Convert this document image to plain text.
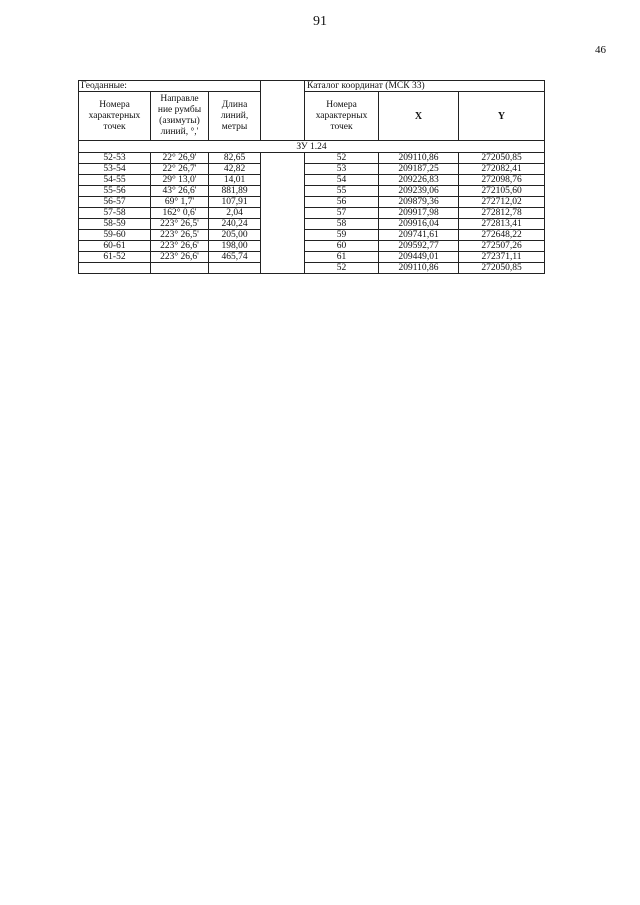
91
46
Геоданные:				Каталог координат (МСК 33)		
Номера характерных точек	Направле ние румбы (азимуты) линий, °,'	Длина линий, метры		Номера характерных точек	X	Y
ЗУ 1.24						
52-53	22° 26,9'	82,65		52	209110,86	272050,85
53-54	22° 26,7'	42,82		53	209187,25	272082,41
54-55	29° 13,0'	14,01		54	209226,83	272098,76
55-56	43° 26,6'	881,89		55	209239,06	272105,60
56-57	69° 1,7'	107,91		56	209879,36	272712,02
57-58	162° 0,6'	2,04		57	209917,98	272812,78
58-59	223° 26,5'	240,24		58	209916,04	272813,41
59-60	223° 26,5'	205,00		59	209741,61	272648,22
60-61	223° 26,6'	198,00		60	209592,77	272507,26
61-52	223° 26,6'	465,74		61	209449,01	272371,11
				52	209110,86	272050,85
